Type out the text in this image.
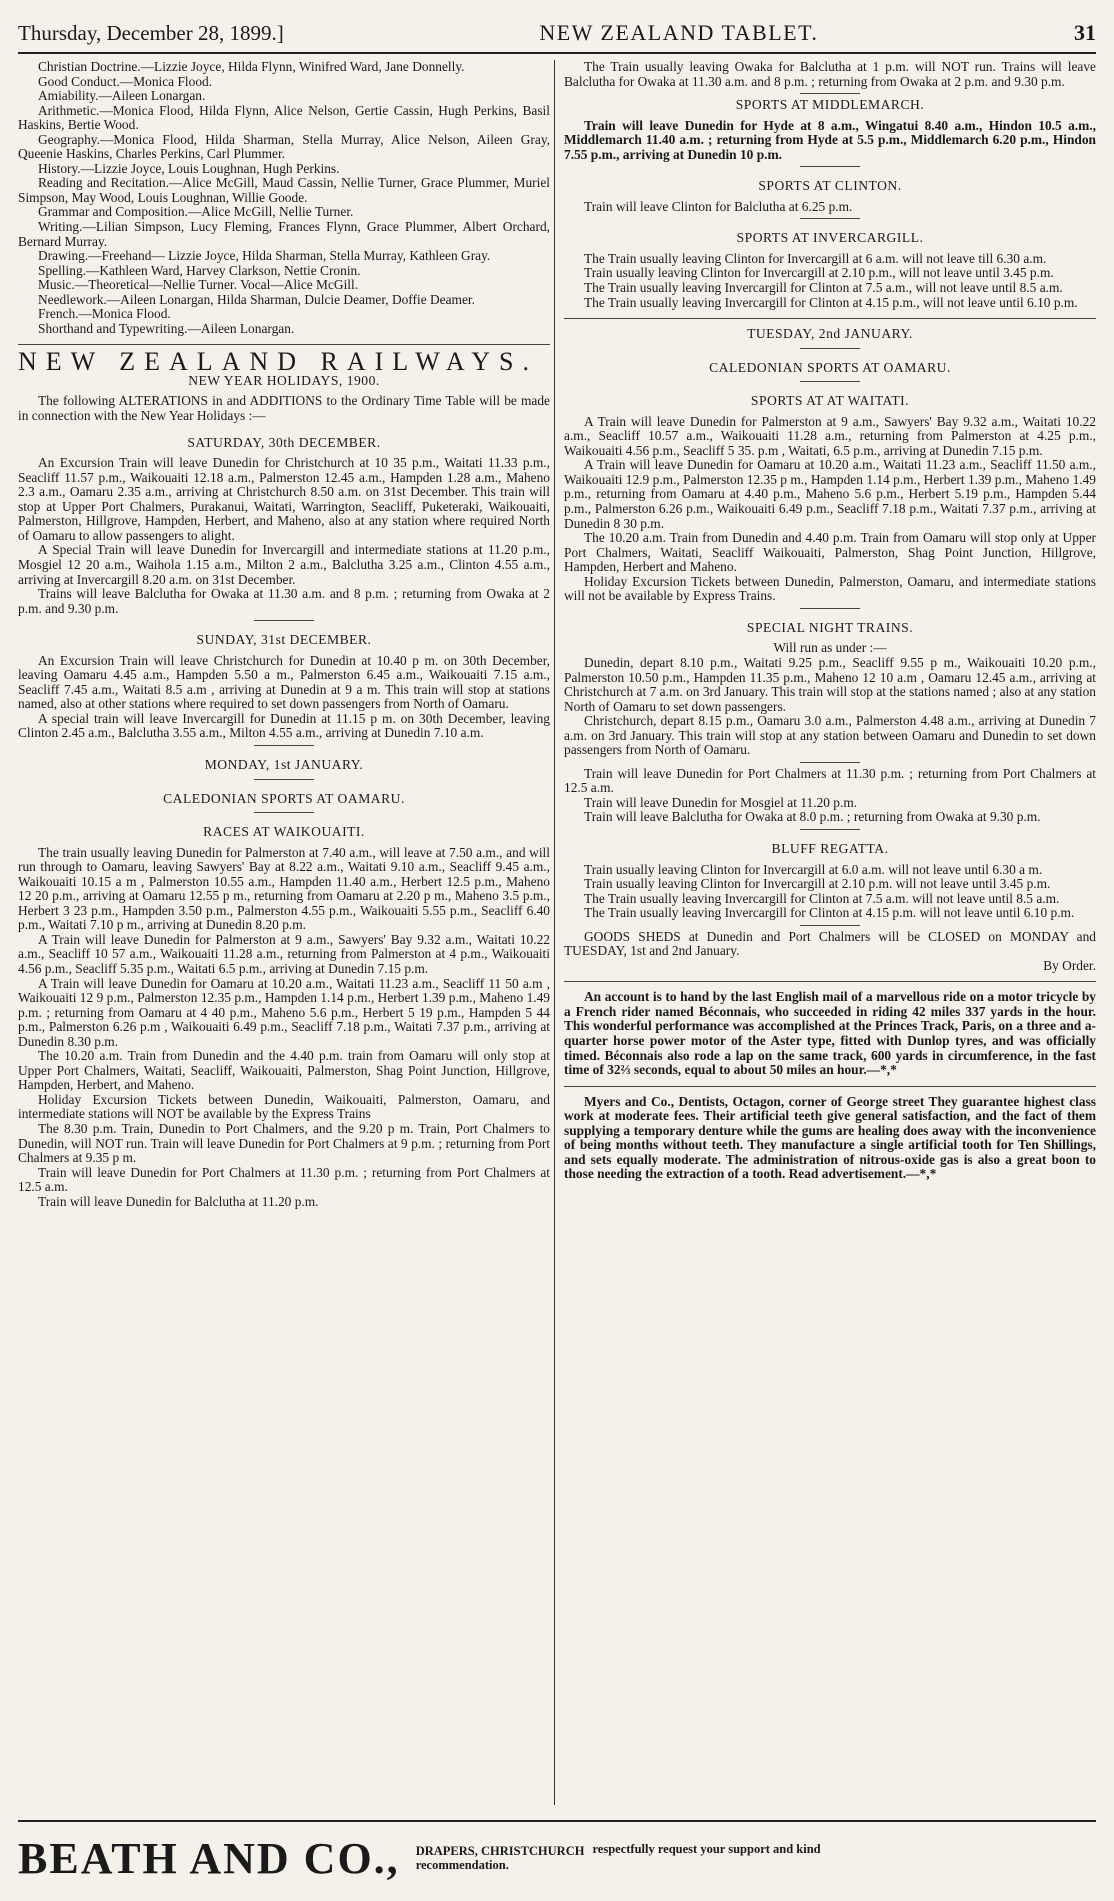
Thursday, December 28, 1899.]	NEW ZEALAND TABLET.	31

Christian Doctrine.—Lizzie Joyce, Hilda Flynn, Winifred Ward, Jane Donnelly.

Good Conduct.—Monica Flood.

Amiability.—Aileen Lonargan.

Arithmetic.—Monica Flood, Hilda Flynn, Alice Nelson, Gertie Cassin, Hugh Perkins, Basil Haskins, Bertie Wood.

Geography.—Monica Flood, Hilda Sharman, Stella Murray, Alice Nelson, Aileen Gray, Queenie Haskins, Charles Perkins, Carl Plummer.

History.—Lizzie Joyce, Louis Loughnan, Hugh Perkins.

Reading and Recitation.—Alice McGill, Maud Cassin, Nellie Turner, Grace Plummer, Muriel Simpson, May Wood, Louis Loughnan, Willie Goode.

Grammar and Composition.—Alice McGill, Nellie Turner.

Writing.—Lilian Simpson, Lucy Fleming, Frances Flynn, Grace Plummer, Albert Orchard, Bernard Murray.

Drawing.—Freehand— Lizzie Joyce, Hilda Sharman, Stella Murray, Kathleen Gray.

Spelling.—Kathleen Ward, Harvey Clarkson, Nettie Cronin.

Music.—Theoretical—Nellie Turner. Vocal—Alice McGill.

Needlework.—Aileen Lonargan, Hilda Sharman, Dulcie Deamer, Doffie Deamer.

French.—Monica Flood.

Shorthand and Typewriting.—Aileen Lonargan.

NEW ZEALAND RAILWAYS.
NEW YEAR HOLIDAYS, 1900.

The following ALTERATIONS in and ADDITIONS to the Ordinary Time Table will be made in connection with the New Year Holidays :—

SATURDAY, 30th DECEMBER.

An Excursion Train will leave Dunedin for Christchurch at 10 35 p.m., Waitati 11.33 p.m., Seacliff 11.57 p.m., Waikouaiti 12.18 a.m., Palmerston 12.45 a.m., Hampden 1.28 a.m., Maheno 2.3 a.m., Oamaru 2.35 a.m., arriving at Christchurch 8.50 a.m. on 31st December. This train will stop at Upper Port Chalmers, Purakanui, Waitati, Warrington, Seacliff, Puketeraki, Waikouaiti, Palmerston, Hillgrove, Hampden, Herbert, and Maheno, also at any station where required North of Oamaru to allow passengers to alight.

A Special Train will leave Dunedin for Invercargill and intermediate stations at 11.20 p.m., Mosgiel 12 20 a.m., Waihola 1.15 a.m., Milton 2 a.m., Balclutha 3.25 a.m., Clinton 4.55 a.m., arriving at Invercargill 8.20 a.m. on 31st December.

Trains will leave Balclutha for Owaka at 11.30 a.m. and 8 p.m. ; returning from Owaka at 2 p.m. and 9.30 p.m.

SUNDAY, 31st DECEMBER.

An Excursion Train will leave Christchurch for Dunedin at 10.40 p m. on 30th December, leaving Oamaru 4.45 a.m., Hampden 5.50 a m., Palmerston 6.45 a.m., Waikouaiti 7.15 a.m., Seacliff 7.45 a.m., Waitati 8.5 a.m , arriving at Dunedin at 9 a m. This train will stop at stations named, also at other stations where required to set down passengers from North of Oamaru.

A special train will leave Invercargill for Dunedin at 11.15 p m. on 30th December, leaving Clinton 2.45 a.m., Balclutha 3.55 a.m., Milton 4.55 a.m., arriving at Dunedin 7.10 a.m.

MONDAY, 1st JANUARY.
CALEDONIAN SPORTS AT OAMARU.
RACES AT WAIKOUAITI.

The train usually leaving Dunedin for Palmerston at 7.40 a.m., will leave at 7.50 a.m., and will run through to Oamaru, leaving Sawyers' Bay at 8.22 a.m., Waitati 9.10 a.m., Seacliff 9.45 a.m., Waikouaiti 10.15 a m , Palmerston 10.55 a.m., Hampden 11.40 a.m., Herbert 12.5 p.m., Maheno 12 20 p.m., arriving at Oamaru 12.55 p m., returning from Oamaru at 2.20 p m., Maheno 3.5 p.m., Herbert 3 23 p.m., Hampden 3.50 p.m., Palmerston 4.55 p.m., Waikouaiti 5.55 p.m., Seacliff 6.40 p.m., Waitati 7.10 p m., arriving at Dunedin 8.20 p.m.

A Train will leave Dunedin for Palmerston at 9 a.m., Sawyers' Bay 9.32 a.m., Waitati 10.22 a.m., Seacliff 10 57 a.m., Waikouaiti 11.28 a.m., returning from Palmerston at 4 p.m., Waikouaiti 4.56 p.m., Seacliff 5.35 p.m., Waitati 6.5 p.m., arriving at Dunedin 7.15 p.m.

A Train will leave Dunedin for Oamaru at 10.20 a.m., Waitati 11.23 a.m., Seacliff 11 50 a.m , Waikouaiti 12 9 p.m., Palmerston 12.35 p.m., Hampden 1.14 p.m., Herbert 1.39 p.m., Maheno 1.49 p.m. ; returning from Oamaru at 4 40 p.m., Maheno 5.6 p.m., Herbert 5 19 p.m., Hampden 5 44 p.m., Palmerston 6.26 p.m , Waikouaiti 6.49 p.m., Seacliff 7.18 p.m., Waitati 7.37 p.m., arriving at Dunedin 8.30 p.m.

The 10.20 a.m. Train from Dunedin and the 4.40 p.m. train from Oamaru will only stop at Upper Port Chalmers, Waitati, Seacliff, Waikouaiti, Palmerston, Shag Point Junction, Hillgrove, Hampden, Herbert, and Maheno.

Holiday Excursion Tickets between Dunedin, Waikouaiti, Palmerston, Oamaru, and intermediate stations will NOT be available by the Express Trains

The 8.30 p.m. Train, Dunedin to Port Chalmers, and the 9.20 p m. Train, Port Chalmers to Dunedin, will NOT run. Train will leave Dunedin for Port Chalmers at 9 p.m. ; returning from Port Chalmers at 9.35 p m.

Train will leave Dunedin for Port Chalmers at 11.30 p.m. ; returning from Port Chalmers at 12.5 a.m.

Train will leave Dunedin for Balclutha at 11.20 p.m.

The Train usually leaving Owaka for Balclutha at 1 p.m. will NOT run. Trains will leave Balclutha for Owaka at 11.30 a.m. and 8 p.m. ; returning from Owaka at 2 p.m. and 9.30 p.m.

SPORTS AT MIDDLEMARCH.

Train will leave Dunedin for Hyde at 8 a.m., Wingatui 8.40 a.m., Hindon 10.5 a.m., Middlemarch 11.40 a.m. ; returning from Hyde at 5.5 p.m., Middlemarch 6.20 p.m., Hindon 7.55 p.m., arriving at Dunedin 10 p.m.

SPORTS AT CLINTON.

Train will leave Clinton for Balclutha at 6.25 p.m.

SPORTS AT INVERCARGILL.

The Train usually leaving Clinton for Invercargill at 6 a.m. will not leave till 6.30 a.m.

Train usually leaving Clinton for Invercargill at 2.10 p.m., will not leave until 3.45 p.m.

The Train usually leaving Invercargill for Clinton at 7.5 a.m., will not leave until 8.5 a.m.

The Train usually leaving Invercargill for Clinton at 4.15 p.m., will not leave until 6.10 p.m.

TUESDAY, 2nd JANUARY.
CALEDONIAN SPORTS AT OAMARU.
SPORTS AT AT WAITATI.

A Train will leave Dunedin for Palmerston at 9 a.m., Sawyers' Bay 9.32 a.m., Waitati 10.22 a.m., Seacliff 10.57 a.m., Waikouaiti 11.28 a.m., returning from Palmerston at 4.25 p.m., Waikouaiti 4.56 p.m., Seacliff 5 35. p.m , Waitati, 6.5 p.m., arriving at Dunedin 7.15 p.m.

A Train will leave Dunedin for Oamaru at 10.20 a.m., Waitati 11.23 a.m., Seacliff 11.50 a.m., Waikouaiti 12.9 p.m., Palmerston 12.35 p m., Hampden 1.14 p.m., Herbert 1.39 p.m., Maheno 1.49 p.m., returning from Oamaru at 4.40 p.m., Maheno 5.6 p.m., Herbert 5.19 p.m., Hampden 5.44 p.m., Palmerston 6.26 p.m., Waikouaiti 6.49 p.m., Seacliff 7.18 p.m., Waitati 7.37 p.m., arriving at Dunedin 8 30 p.m.

The 10.20 a.m. Train from Dunedin and 4.40 p.m. Train from Oamaru will stop only at Upper Port Chalmers, Waitati, Seacliff Waikouaiti, Palmerston, Shag Point Junction, Hillgrove, Hampden, Herbert and Maheno.

Holiday Excursion Tickets between Dunedin, Palmerston, Oamaru, and intermediate stations will not be available by Express Trains.

SPECIAL NIGHT TRAINS.
Will run as under :—

Dunedin, depart 8.10 p.m., Waitati 9.25 p.m., Seacliff 9.55 p m., Waikouaiti 10.20 p.m., Palmerston 10.50 p.m., Hampden 11.35 p.m., Maheno 12 10 a.m , Oamaru 12.45 a.m., arriving at Christchurch at 7 a.m. on 3rd January. This train will stop at the stations named ; also at any station North of Oamaru to set down passengers.

Christchurch, depart 8.15 p.m., Oamaru 3.0 a.m., Palmerston 4.48 a.m., arriving at Dunedin 7 a.m. on 3rd January. This train will stop at any station between Oamaru and Dunedin to set down passengers from North of Oamaru.

Train will leave Dunedin for Port Chalmers at 11.30 p.m. ; returning from Port Chalmers at 12.5 a.m.

Train will leave Dunedin for Mosgiel at 11.20 p.m.

Train will leave Balclutha for Owaka at 8.0 p.m. ; returning from Owaka at 9.30 p.m.

BLUFF REGATTA.

Train usually leaving Clinton for Invercargill at 6.0 a.m. will not leave until 6.30 a m.

Train usually leaving Clinton for Invercargill at 2.10 p.m. will not leave until 3.45 p.m.

The Train usually leaving Invercargill for Clinton at 7.5 a.m. will not leave until 8.5 a.m.

The Train usually leaving Invercargill for Clinton at 4.15 p.m. will not leave until 6.10 p.m.

GOODS SHEDS at Dunedin and Port Chalmers will be CLOSED on MONDAY and TUESDAY, 1st and 2nd January.

By Order.

An account is to hand by the last English mail of a marvellous ride on a motor tricycle by a French rider named Béconnais, who succeeded in riding 42 miles 337 yards in the hour. This wonderful performance was accomplished at the Princes Track, Paris, on a three and a-quarter horse power motor of the Aster type, fitted with Dunlop tyres, and was officially timed. Béconnais also rode a lap on the same track, 600 yards in circumference, in the fast time of 32⅔ seconds, equal to about 50 miles an hour.—*,*

Myers and Co., Dentists, Octagon, corner of George street They guarantee highest class work at moderate fees. Their artificial teeth give general satisfaction, and the fact of them supplying a temporary denture while the gums are healing does away with the inconvenience of being months without teeth. They manufacture a single artificial tooth for Ten Shillings, and sets equally moderate. The administration of nitrous-oxide gas is also a great boon to those needing the extraction of a tooth. Read advertisement.—*,*

BEATH AND CO., DRAPERS, CHRISTCHURCH
recommendation.
respectfully request your support and kind
